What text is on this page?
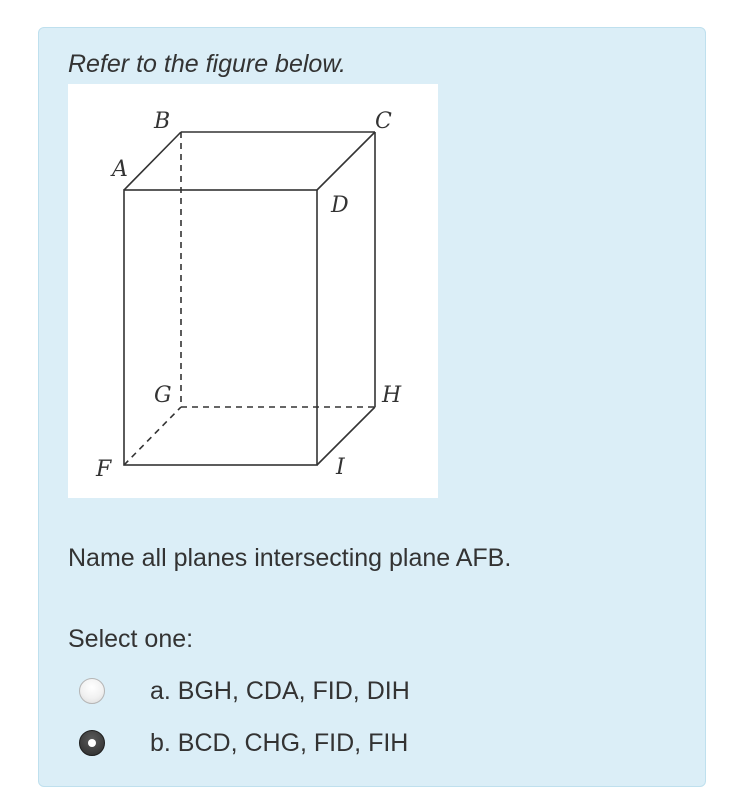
Refer to the figure below.
B	C
A
D
G	H
F	I
Name all planes intersecting plane AFB.
Select one:
a. BGH, CDA, FID, DIH
b. BCD, CHG, FID, FIH
